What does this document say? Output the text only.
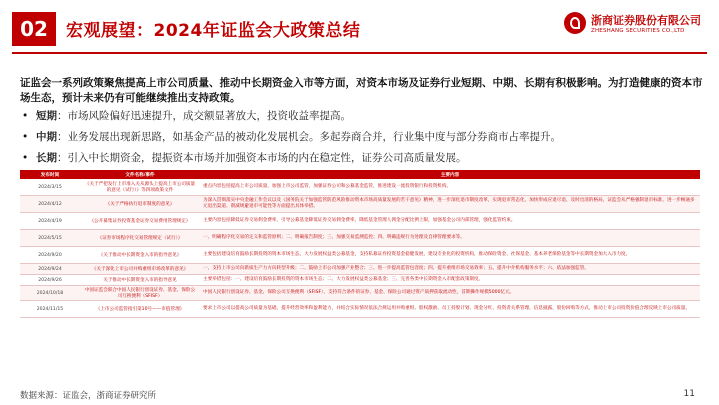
02	宏观展望：2024年证监会大政策总结
浙商证券股份有限公司
ZHESHANG SECURITIES CO.,LTD
证监会一系列政策聚焦提高上市公司质量、推动中长期资金入市等方面，对资本市场及证券行业短期、中期、长期有积极影响。为打造健康的资本市场生态，预计未来仍有可能继续推出支持政策。
• 短期：市场风险偏好迅速提升，成交额显著放大，投资收益率提高。
• 中期：业务发展出现新思路，如基金产品的被动化发展机会。多起券商合并，行业集中度与部分券商市占率提升。
• 长期：引入中长期资金，提振资本市场并加强资本市场的内在稳定性，证券公司高质量发展。
发布时间	文件名称/事件	主要内容
2024/3/15	《关于严把发行上市准入关从源头上提高上市公司质量的意见（试行）》等四项政策文件	重点内容包括提高上市公司质量，加强上市公司监管，加强证券公司和公募基金监管，推进建设一流投资银行和投资机构。
2024/4/12	《关于严格执行退市制度的意见》	为深入贯彻落实中央金融工作会议以及《国务院关于加强监管防范风险推动资本市场高质量发展的若干意见》精神，进一步深化退市制度改革，实现退市常态化，加快形成应退尽退、及时出清的格局，证监会从严格强制退市标准、进一步畅通多元退出渠道、削减规避退市可能性等方面提出具体举措。
2024/4/19	《公开募集证券投资基金证券交易费用管理规定》	主要内容包括降低证券交易佣金费率，引导公募基金降低证券交易佣金费率，降低基金管理人佣金分配比例上限，加强基金公司内部管理，强化监管约束。
2024/5/15	《证券市场程序化交易管理规定（试行）》	一、明确程序化交易的定义和监管原则；二、明确报告制度；三、加强交易监测监控；四、明确违规行为处理及自律管理要求等。
2024/9/20	《关于推动中长期资金入市的指导意见》	主要包括建设培育鼓励长期投资的资本市场生态，大力发展权益类公募基金，支持私募证券投资基金稳健发展，建设专业化的投资机构，推动保险资金、社保基金、基本养老保险基金等中长期资金加大入市力度。
2024/9/24	《关于深化上市公司并购重组市场改革的意见》	一、支持上市公司向新质生产力方向转型升级；二、鼓励上市公司加强产业整合；三、进一步提高监管包容度；四、提升重组市场交易效率；五、提升中介机构服务水平；六、依法加强监管。
2024/9/26	关于推动中长期资金入市的指导意见	主要举措包括：一、建设培育鼓励长期投资的资本市场生态；二、大力发展权益类公募基金；三、完善各类中长期资金入市配套政策制度。
2024/10/18	中国证监会联合中国人民银行创设证券、基金、保险公司互换便利（SFISF）	中国人民银行创设证券、基金、保险公司互换便利（SFISF），支持符合条件的证券、基金、保险公司通过资产质押获取流动性，首期操作规模5000亿元。
2024/11/15	《上市公司监管指引第10号——市值管理》	要求上市公司以提高公司质量为基础，提升经营效率和盈利能力，并结合实际情况依法合规运用并购重组、股权激励、员工持股计划、现金分红、投资者关系管理、信息披露、股份回购等方式，推动上市公司投资价值合理反映上市公司质量。
数据来源：证监会，浙商证券研究所	11
